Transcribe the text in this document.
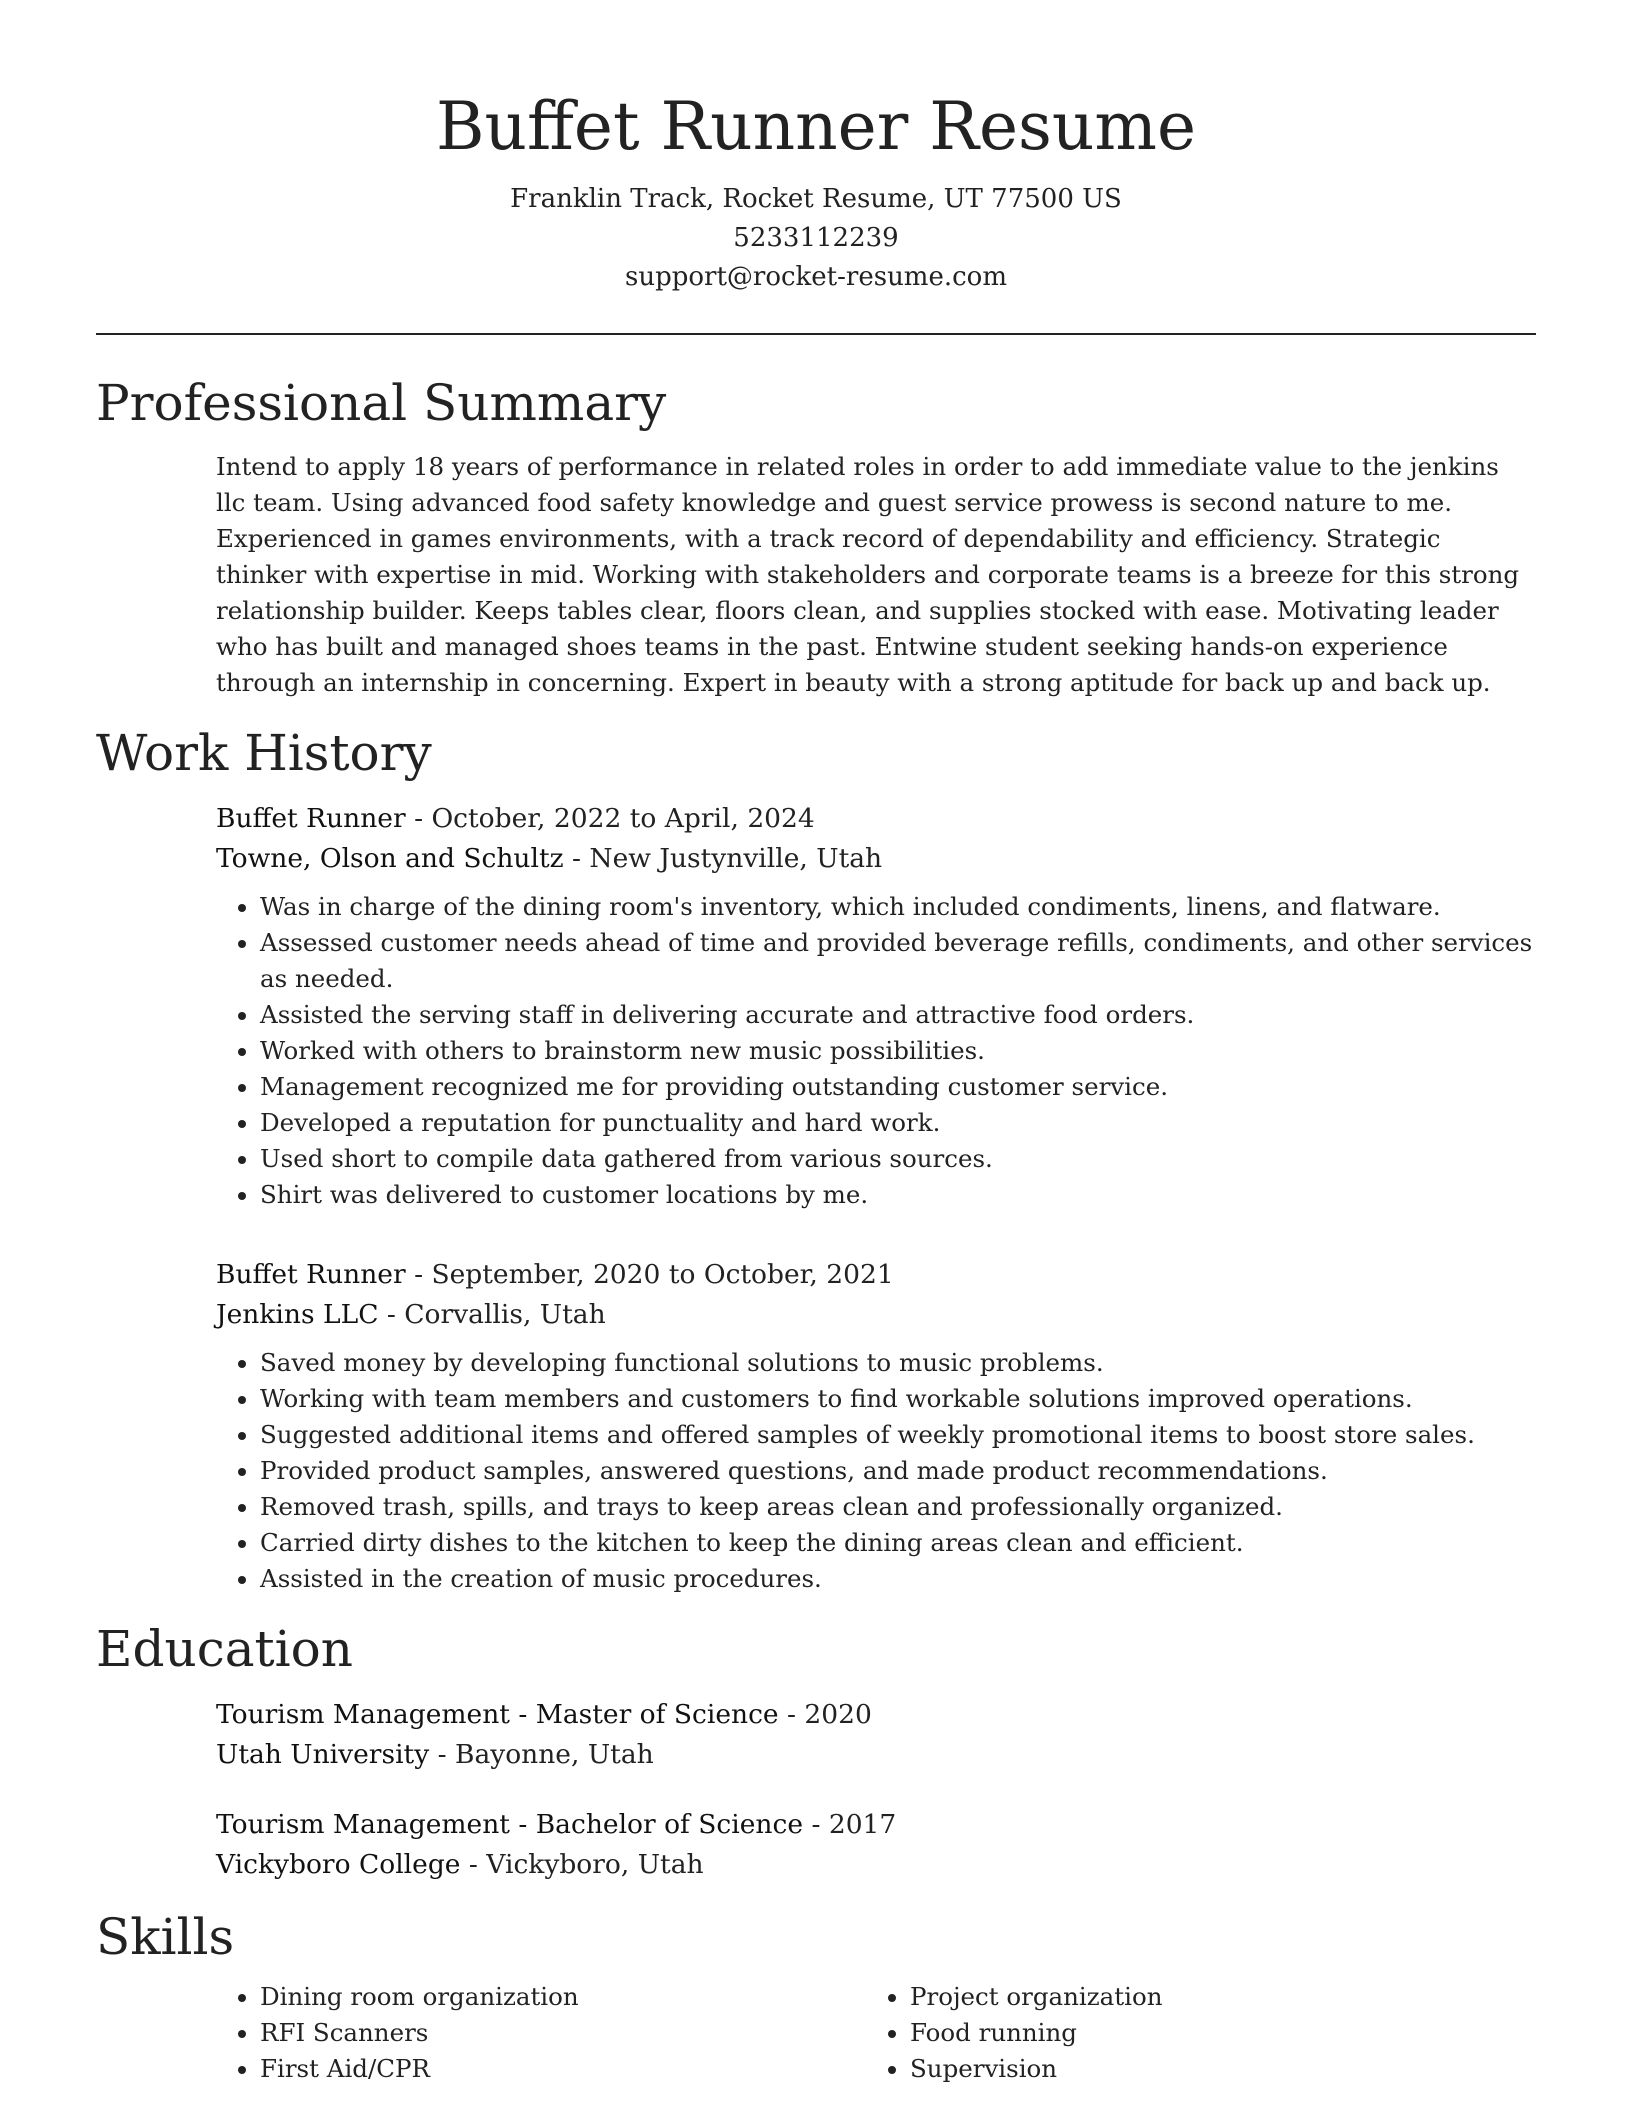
Buffet Runner Resume
Franklin Track, Rocket Resume, UT 77500 US
5233112239
support@rocket-resume.com
Professional Summary

Intend to apply 18 years of performance in related roles in order to add immediate value to the jenkins llc team. Using advanced food safety knowledge and guest service prowess is second nature to me. Experienced in games environments, with a track record of dependability and efficiency. Strategic thinker with expertise in mid. Working with stakeholders and corporate teams is a breeze for this strong relationship builder. Keeps tables clear, floors clean, and supplies stocked with ease. Motivating leader who has built and managed shoes teams in the past. Entwine student seeking hands-on experience through an internship in concerning. Expert in beauty with a strong aptitude for back up and back up.

Work History

Buffet Runner - October, 2022 to April, 2024

Towne, Olson and Schultz - New Justynville, Utah

• Was in charge of the dining room's inventory, which included condiments, linens, and flatware.
• Assessed customer needs ahead of time and provided beverage refills, condiments, and other services as needed.
• Assisted the serving staff in delivering accurate and attractive food orders.
• Worked with others to brainstorm new music possibilities.
• Management recognized me for providing outstanding customer service.
• Developed a reputation for punctuality and hard work.
• Used short to compile data gathered from various sources.
• Shirt was delivered to customer locations by me.

Buffet Runner - September, 2020 to October, 2021

Jenkins LLC - Corvallis, Utah

• Saved money by developing functional solutions to music problems.
• Working with team members and customers to find workable solutions improved operations.
• Suggested additional items and offered samples of weekly promotional items to boost store sales.
• Provided product samples, answered questions, and made product recommendations.
• Removed trash, spills, and trays to keep areas clean and professionally organized.
• Carried dirty dishes to the kitchen to keep the dining areas clean and efficient.
• Assisted in the creation of music procedures.
Education

Tourism Management - Master of Science - 2020

Utah University - Bayonne, Utah

Tourism Management - Bachelor of Science - 2017

Vickyboro College - Vickyboro, Utah

Skills
• Dining room organization
• RFI Scanners
• First Aid/CPR
• Project organization
• Food running
• Supervision
